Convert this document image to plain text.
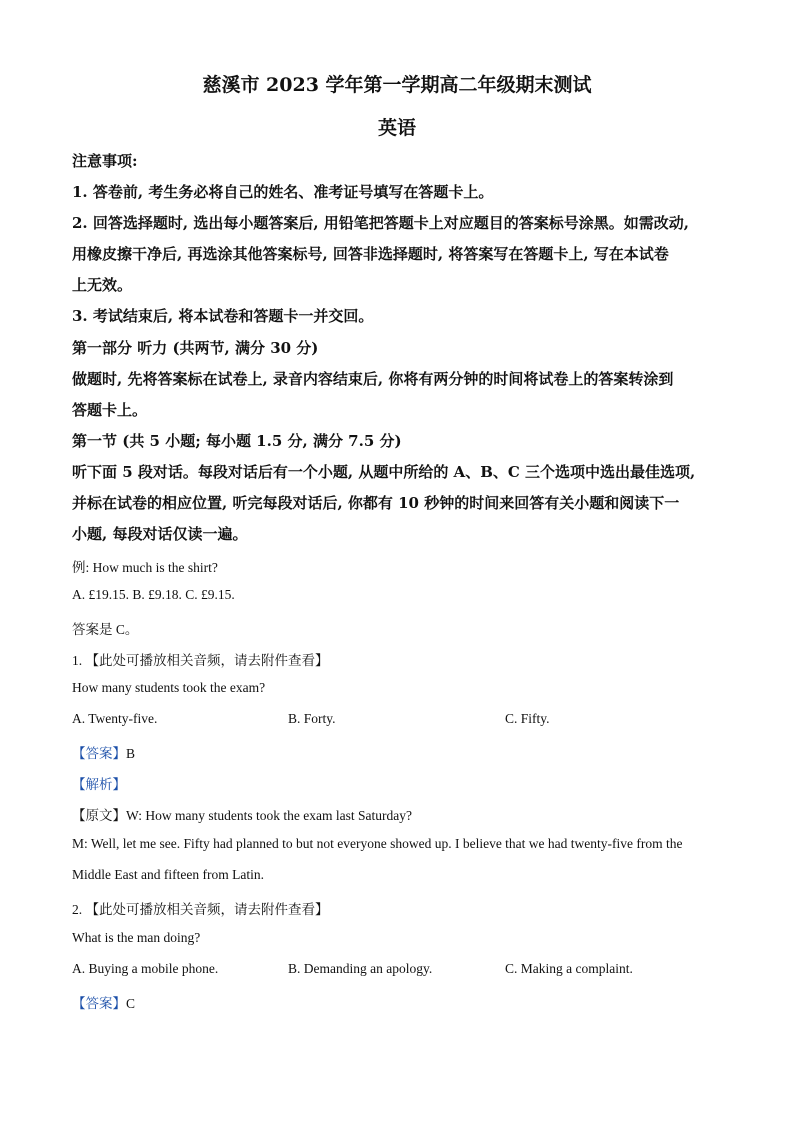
慈溪市 2023 学年第一学期高二年级期末测试
英语
注意事项:
1. 答卷前, 考生务必将自己的姓名、准考证号填写在答题卡上。
2. 回答选择题时, 选出每小题答案后, 用铅笔把答题卡上对应题目的答案标号涂黑。如需改动,
用橡皮擦干净后, 再选涂其他答案标号, 回答非选择题时, 将答案写在答题卡上, 写在本试卷
上无效。
3. 考试结束后, 将本试卷和答题卡一并交回。
第一部分 听力 (共两节, 满分 30 分)
做题时, 先将答案标在试卷上, 录音内容结束后, 你将有两分钟的时间将试卷上的答案转涂到
答题卡上。
第一节 (共 5 小题; 每小题 1.5 分, 满分 7.5 分)
听下面 5 段对话。每段对话后有一个小题, 从题中所给的 A、B、C 三个选项中选出最佳选项,
并标在试卷的相应位置, 听完每段对话后, 你都有 10 秒钟的时间来回答有关小题和阅读下一
小题, 每段对话仅读一遍。
例: How much is the shirt?
A. £19.15. B. £9.18. C. £9.15.
答案是 C。
1. 【此处可播放相关音频，请去附件查看】
How many students took the exam?
A. Twenty-five.	B. Forty.	C. Fifty.
【答案】B
【解析】
【原文】W: How many students took the exam last Saturday?
M: Well, let me see. Fifty had planned to but not everyone showed up. I believe that we had twenty-five from the
Middle East and fifteen from Latin.
2. 【此处可播放相关音频，请去附件查看】
What is the man doing?
A. Buying a mobile phone.	B. Demanding an apology.	C. Making a complaint.
【答案】C
